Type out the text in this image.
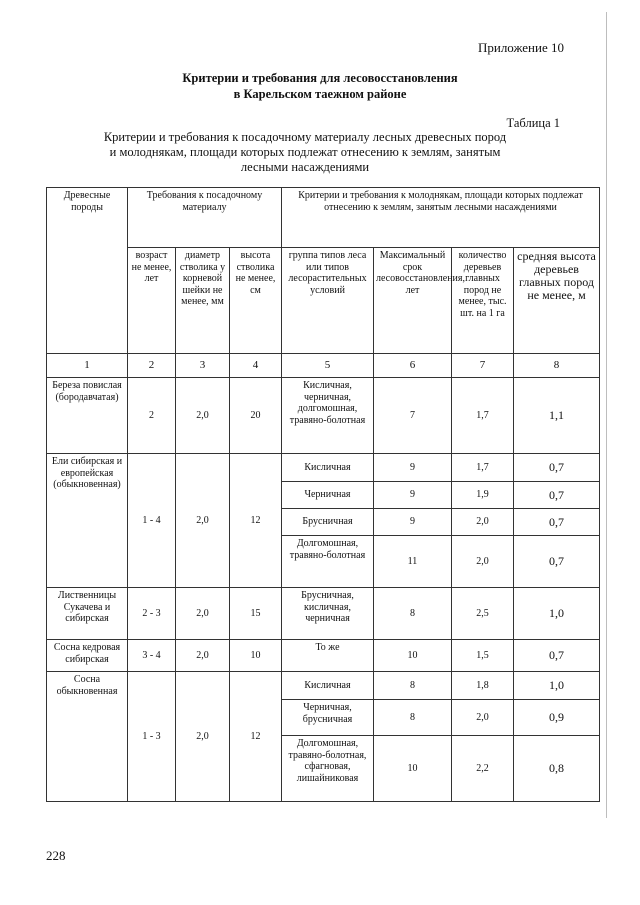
Приложение 10
Критерии и требования для лесовосстановления
в Карельском таежном районе
Таблица 1
Критерии и требования к посадочному материалу лесных древесных пород и молоднякам, площади которых подлежат отнесению к землям, занятым лесными насаждениями
Древесные породы	Требования к посадочному материалу			Критерии и требования к молоднякам, площади которых подлежат отнесению к землям, занятым лесными насаждениями			
	возраст не менее, лет	диаметр стволика у корневой шейки не менее, мм	высота стволика не менее, см	группа типов леса или типов лесорастительных условий	Максимальный срок лесовосстановления, лет	количество деревьев главных пород не менее, тыс. шт. на 1 га	средняя высота деревьев главных пород не менее, м
1	2	3	4	5	6	7	8
Береза повислая (бородавчатая)	2	2,0	20	Кисличная, черничная, долгомошная, травяно-болотная	7	1,7	1,1
Ели сибирская и европейская (обыкновенная)	1 - 4	2,0	12	Кисличная	9	1,7	0,7
				Черничная	9	1,9	0,7
				Брусничная	9	2,0	0,7
				Долгомошная, травяно-болотная	11	2,0	0,7
Лиственницы Сукачева и сибирская	2 - 3	2,0	15	Брусничная, кисличная, черничная	8	2,5	1,0
Сосна кедровая сибирская	3 - 4	2,0	10	То же	10	1,5	0,7
Сосна обыкновенная	1 - 3	2,0	12	Кисличная	8	1,8	1,0
				Черничная, брусничная	8	2,0	0,9
				Долгомошная, травяно-болотная, сфагновая, лишайниковая	10	2,2	0,8
228
